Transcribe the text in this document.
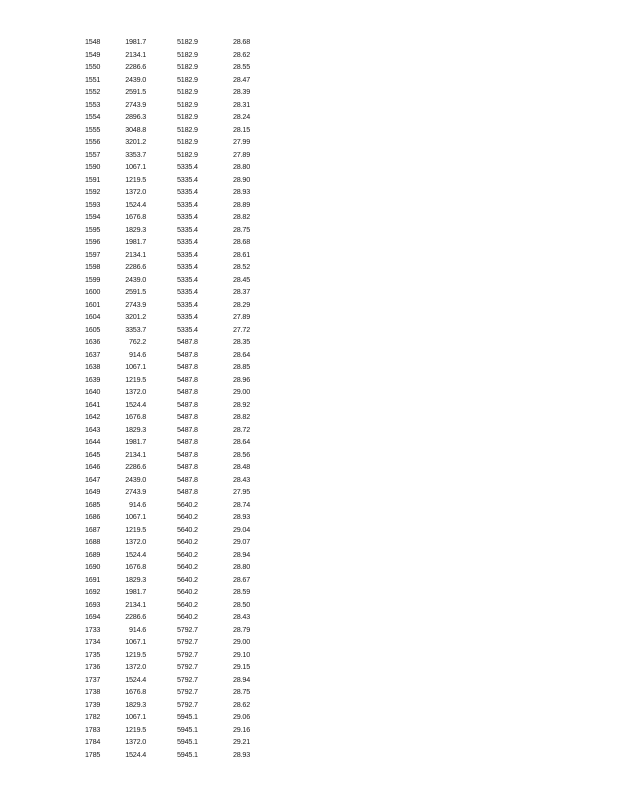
1548	1981.7	5182.9	28.68
1549	2134.1	5182.9	28.62
1550	2286.6	5182.9	28.55
1551	2439.0	5182.9	28.47
1552	2591.5	5182.9	28.39
1553	2743.9	5182.9	28.31
1554	2896.3	5182.9	28.24
1555	3048.8	5182.9	28.15
1556	3201.2	5182.9	27.99
1557	3353.7	5182.9	27.89
1590	1067.1	5335.4	28.80
1591	1219.5	5335.4	28.90
1592	1372.0	5335.4	28.93
1593	1524.4	5335.4	28.89
1594	1676.8	5335.4	28.82
1595	1829.3	5335.4	28.75
1596	1981.7	5335.4	28.68
1597	2134.1	5335.4	28.61
1598	2286.6	5335.4	28.52
1599	2439.0	5335.4	28.45
1600	2591.5	5335.4	28.37
1601	2743.9	5335.4	28.29
1604	3201.2	5335.4	27.89
1605	3353.7	5335.4	27.72
1636	762.2	5487.8	28.35
1637	914.6	5487.8	28.64
1638	1067.1	5487.8	28.85
1639	1219.5	5487.8	28.96
1640	1372.0	5487.8	29.00
1641	1524.4	5487.8	28.92
1642	1676.8	5487.8	28.82
1643	1829.3	5487.8	28.72
1644	1981.7	5487.8	28.64
1645	2134.1	5487.8	28.56
1646	2286.6	5487.8	28.48
1647	2439.0	5487.8	28.43
1649	2743.9	5487.8	27.95
1685	914.6	5640.2	28.74
1686	1067.1	5640.2	28.93
1687	1219.5	5640.2	29.04
1688	1372.0	5640.2	29.07
1689	1524.4	5640.2	28.94
1690	1676.8	5640.2	28.80
1691	1829.3	5640.2	28.67
1692	1981.7	5640.2	28.59
1693	2134.1	5640.2	28.50
1694	2286.6	5640.2	28.43
1733	914.6	5792.7	28.79
1734	1067.1	5792.7	29.00
1735	1219.5	5792.7	29.10
1736	1372.0	5792.7	29.15
1737	1524.4	5792.7	28.94
1738	1676.8	5792.7	28.75
1739	1829.3	5792.7	28.62
1782	1067.1	5945.1	29.06
1783	1219.5	5945.1	29.16
1784	1372.0	5945.1	29.21
1785	1524.4	5945.1	28.93
